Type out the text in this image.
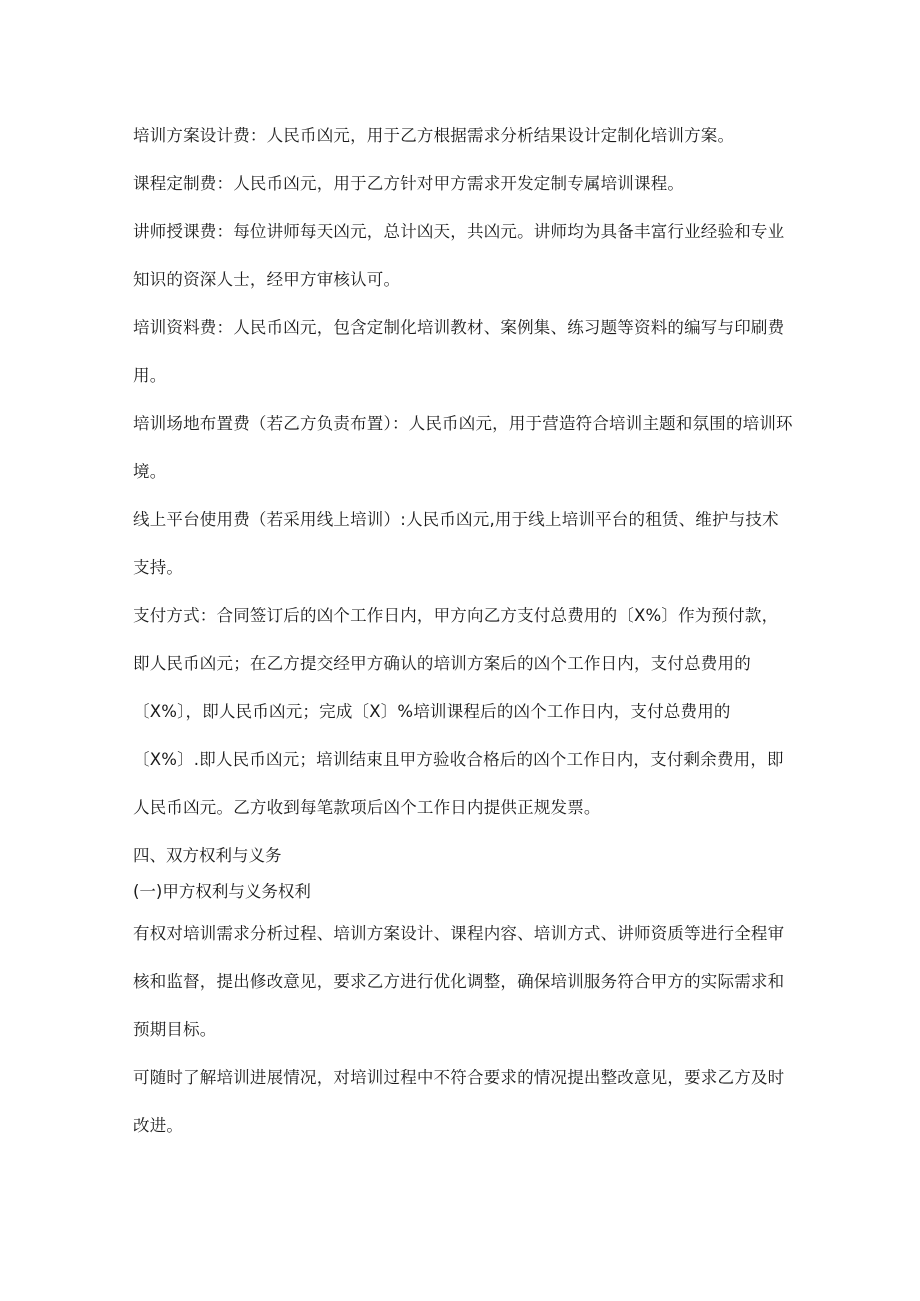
培训方案设计费：人民币凶元，用于乙方根据需求分析结果设计定制化培训方案。

课程定制费：人民币凶元，用于乙方针对甲方需求开发定制专属培训课程。

讲师授课费：每位讲师每天凶元，总计凶天，共凶元。讲师均为具备丰富行业经验和专业知识的资深人士，经甲方审核认可。

培训资料费：人民币凶元，包含定制化培训教材、案例集、练习题等资料的编写与印刷费用。

培训场地布置费（若乙方负责布置）：人民币凶元，用于营造符合培训主题和氛围的培训环境。

线上平台使用费（若采用线上培训）:人民币凶元,用于线上培训平台的租赁、维护与技术支持。

支付方式：合同签订后的凶个工作日内，甲方向乙方支付总费用的〔X%〕作为预付款，即人民币凶元；在乙方提交经甲方确认的培训方案后的凶个工作日内，支付总费用的〔X%〕，即人民币凶元；完成〔X〕%培训课程后的凶个工作日内，支付总费用的〔X%〕.即人民币凶元；培训结束且甲方验收合格后的凶个工作日内，支付剩余费用，即人民币凶元。乙方收到每笔款项后凶个工作日内提供正规发票。

四、双方权利与义务

(一)甲方权利与义务权利

有权对培训需求分析过程、培训方案设计、课程内容、培训方式、讲师资质等进行全程审核和监督，提出修改意见，要求乙方进行优化调整，确保培训服务符合甲方的实际需求和预期目标。

可随时了解培训进展情况，对培训过程中不符合要求的情况提出整改意见，要求乙方及时改进。
